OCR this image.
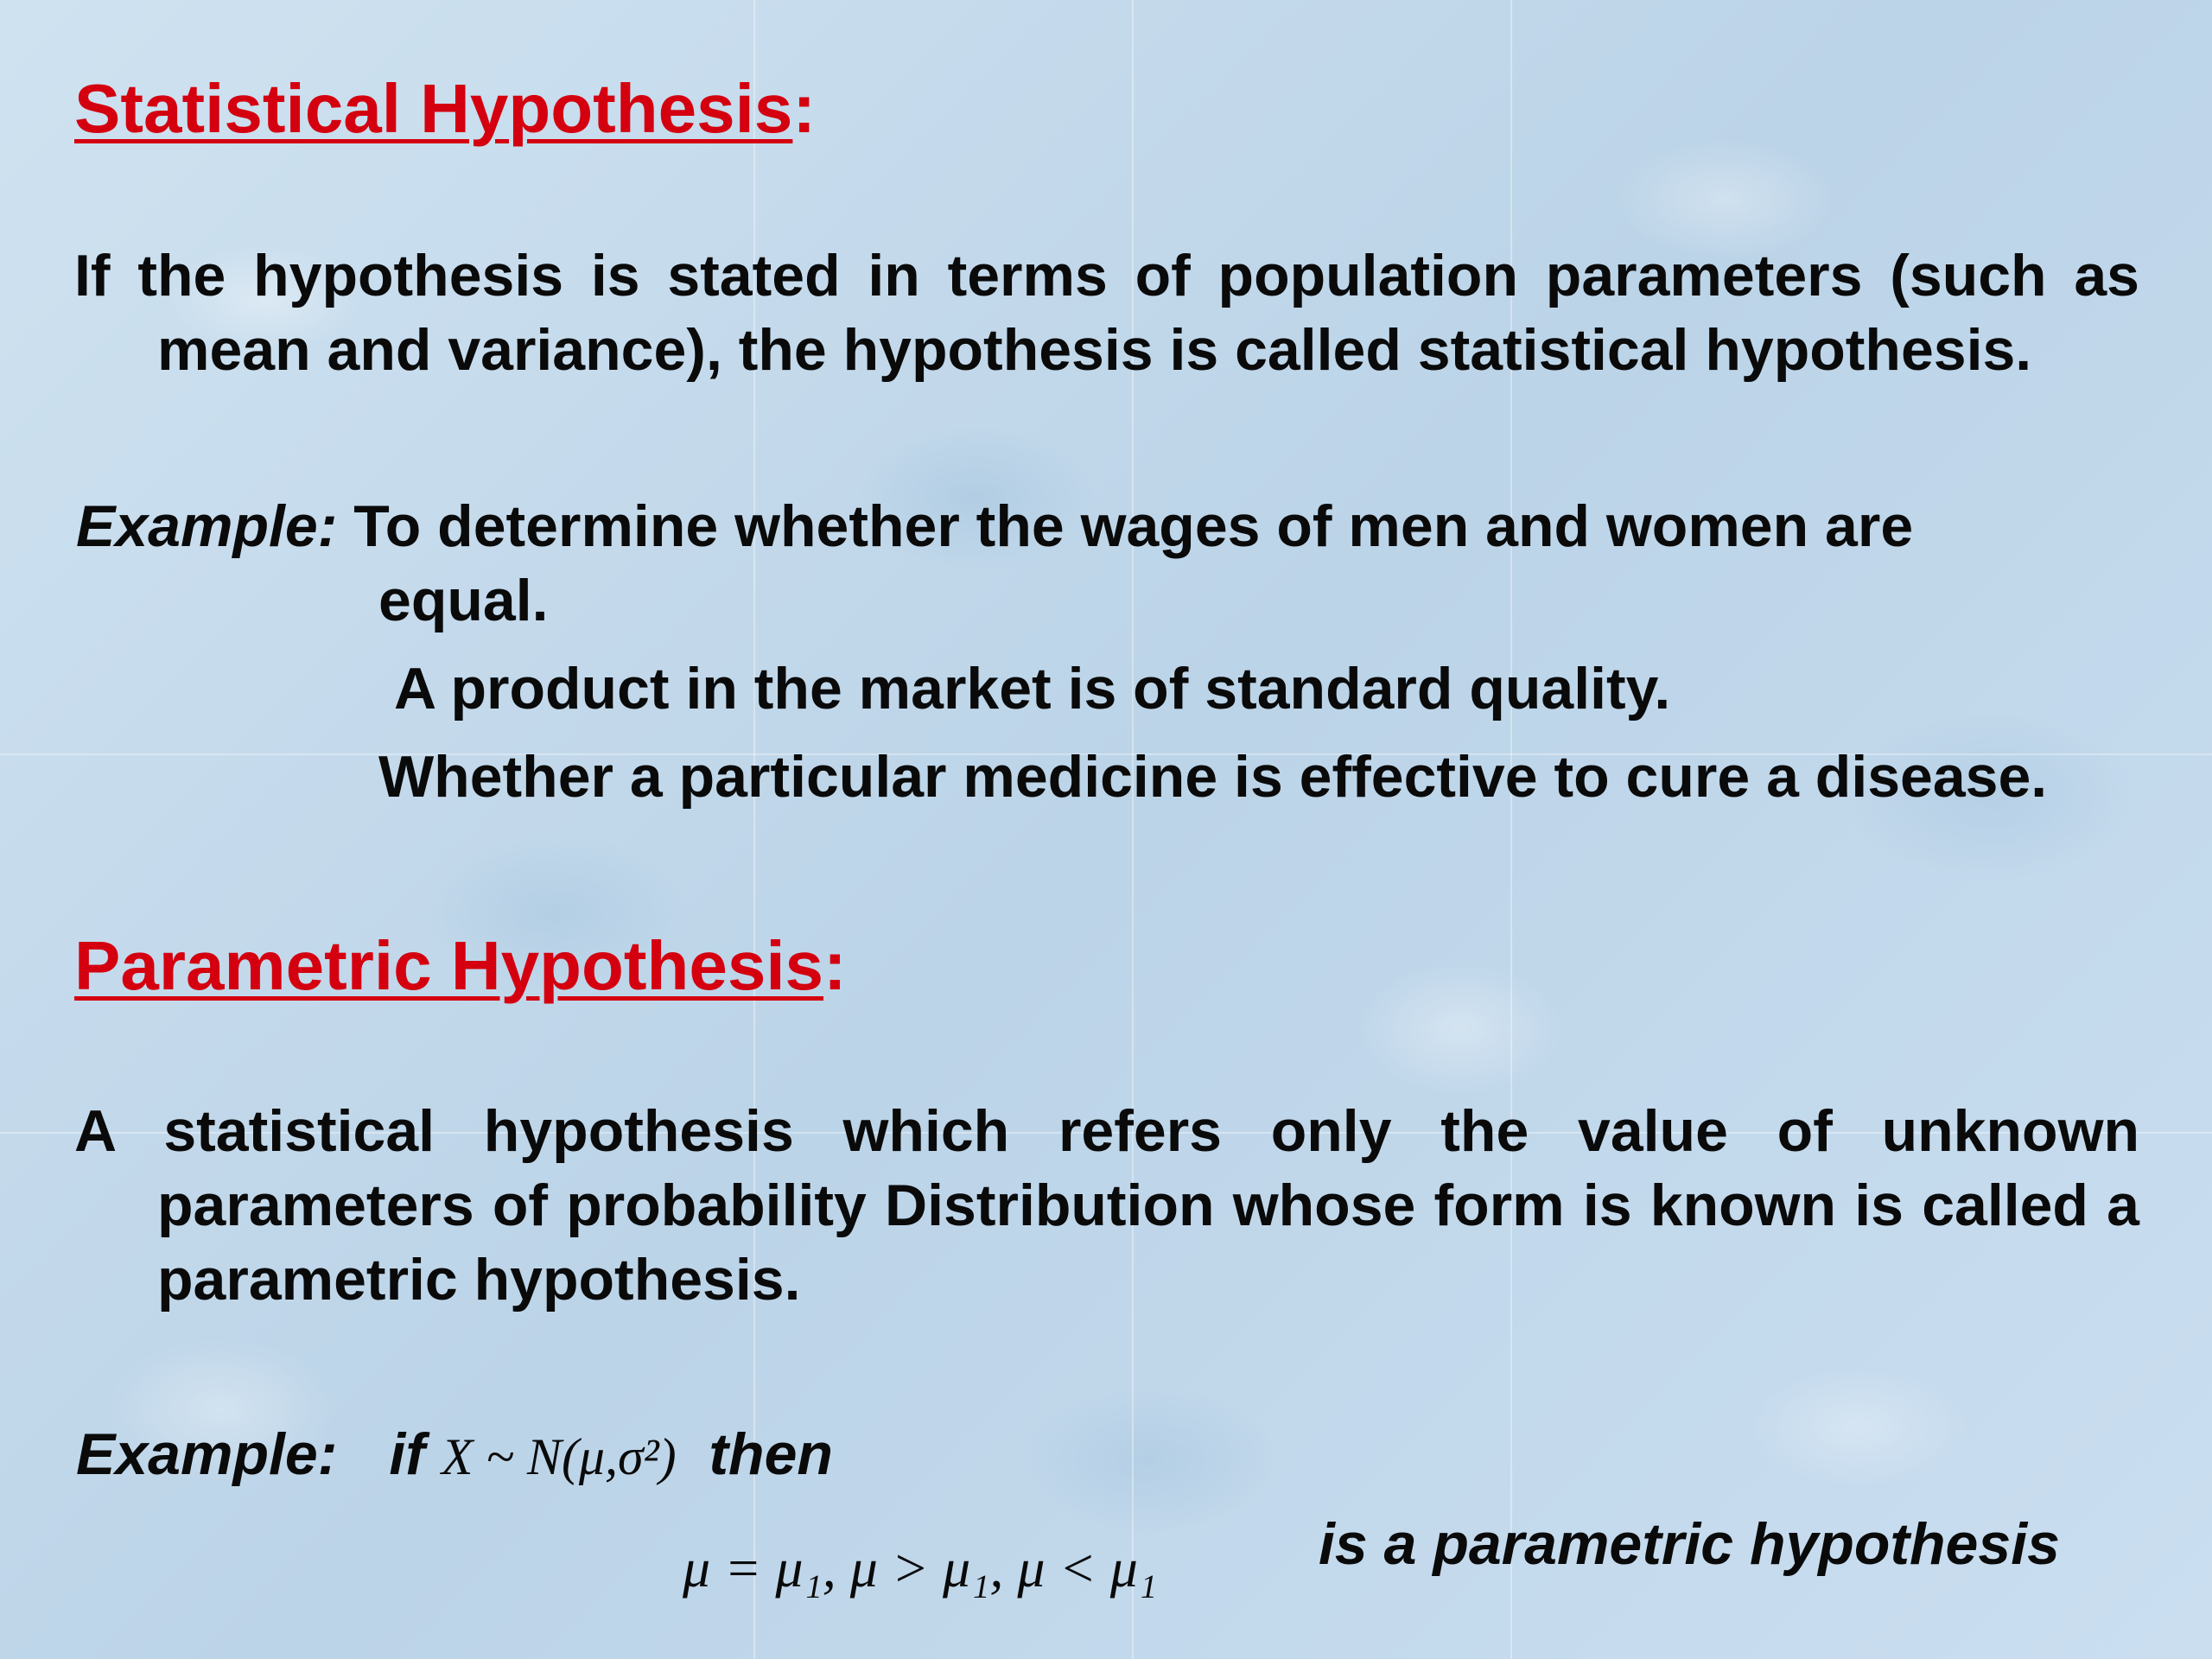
Statistical Hypothesis:

If the hypothesis is stated in terms of population parameters (such as mean and variance), the hypothesis is called statistical hypothesis.

Example: To determine whether the wages of men and women are

equal.

A product in the market is of standard quality.

Whether a particular medicine is effective to cure a disease.

Parametric Hypothesis:

A statistical hypothesis which refers only the value of unknown parameters of probability Distribution whose form is known is called a parametric hypothesis.

Example: if X ~ N(μ,σ²) then

μ = μ₁, μ > μ₁, μ < μ₁	is a parametric hypothesis
